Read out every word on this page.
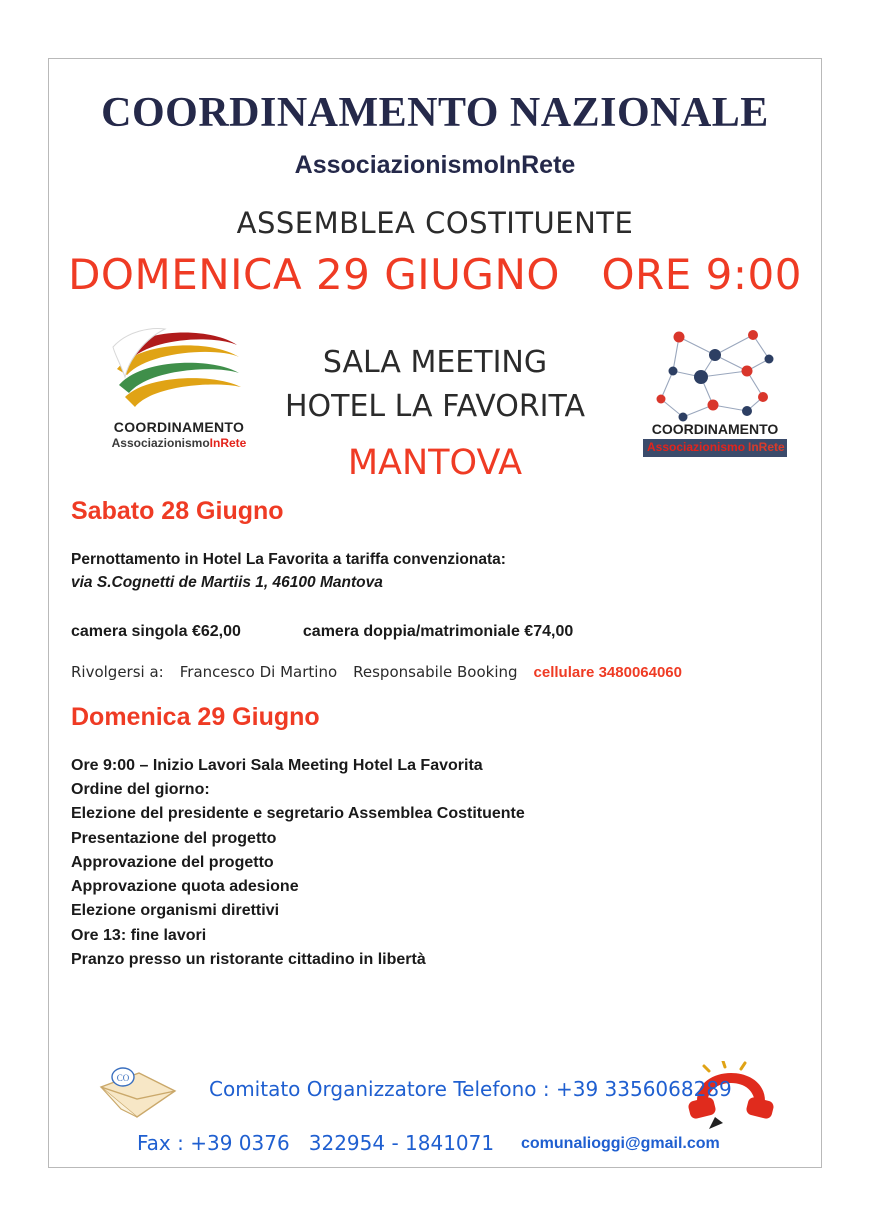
COORDINAMENTO NAZIONALE
AssociazionismoInRete
ASSEMBLEA COSTITUENTE
DOMENICA 29 GIUGNO   ORE 9:00
COORDINAMENTO
AssociazionismoInRete
SALA MEETING
HOTEL LA FAVORITA
MANTOVA
COORDINAMENTO
Associazionismo InRete
Sabato 28 Giugno
Pernottamento in Hotel La Favorita a tariffa convenzionata:
via S.Cognetti de Martiis 1, 46100 Mantova
camera singola €62,00	camera doppia/matrimoniale €74,00
Rivolgersi a: Francesco Di Martino Responsabile Booking cellulare 3480064060
Domenica 29 Giugno
Ore 9:00 – Inizio Lavori Sala Meeting Hotel La Favorita
Ordine del giorno:
Elezione del presidente e segretario Assemblea Costituente
Presentazione del progetto
Approvazione del progetto
Approvazione quota adesione
Elezione organismi direttivi
Ore 13: fine lavori
Pranzo presso un ristorante cittadino in libertà
CO	Comitato Organizzatore Telefono : +39 3356068289
Fax : +39 0376   322954 - 1841071 comunalioggi@gmail.com
